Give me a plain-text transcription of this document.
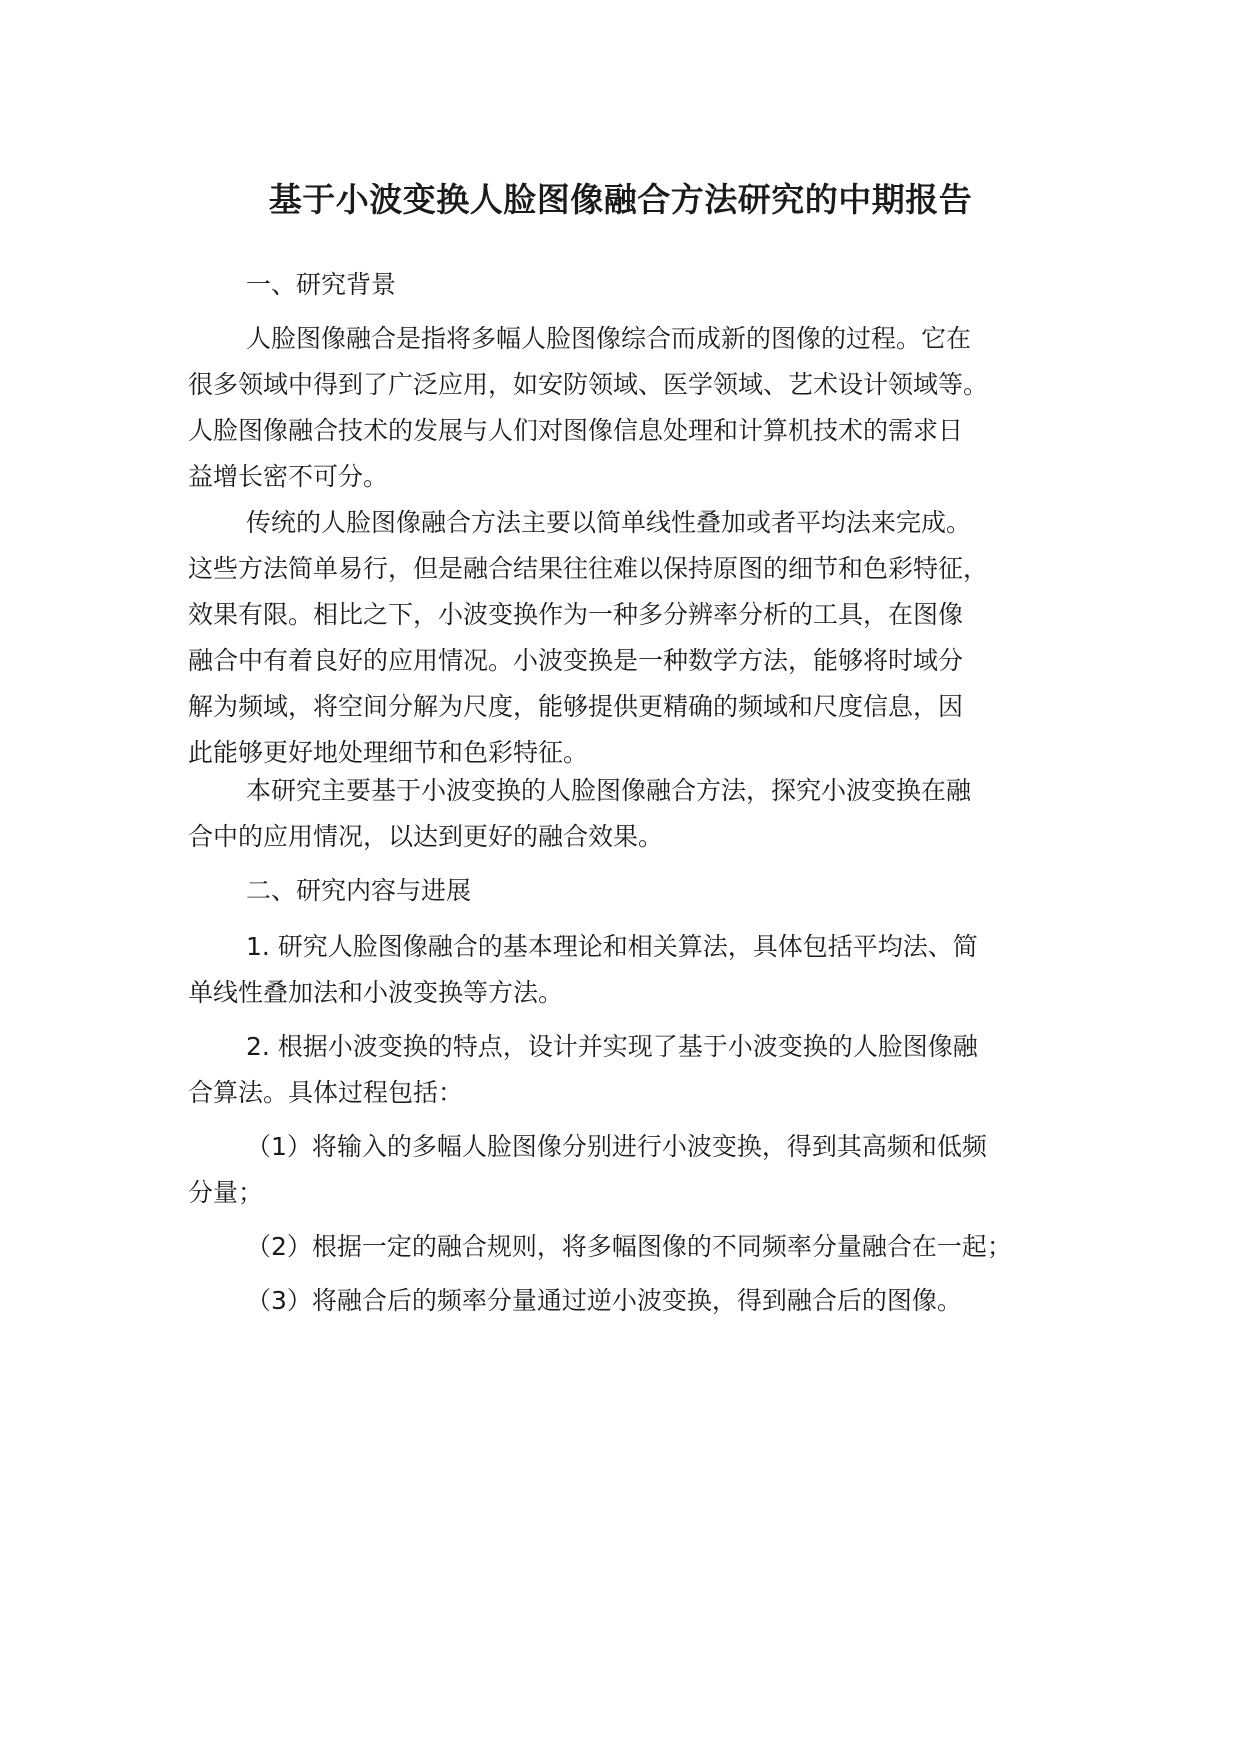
基于小波变换人脸图像融合方法研究的中期报告

一、研究背景

人脸图像融合是指将多幅人脸图像综合而成新的图像的过程。它在
很多领域中得到了广泛应用，如安防领域、医学领域、艺术设计领域等。
人脸图像融合技术的发展与人们对图像信息处理和计算机技术的需求日
益增长密不可分。

传统的人脸图像融合方法主要以简单线性叠加或者平均法来完成。
这些方法简单易行，但是融合结果往往难以保持原图的细节和色彩特征，
效果有限。相比之下，小波变换作为一种多分辨率分析的工具，在图像
融合中有着良好的应用情况。小波变换是一种数学方法，能够将时域分
解为频域，将空间分解为尺度，能够提供更精确的频域和尺度信息，因
此能够更好地处理细节和色彩特征。

本研究主要基于小波变换的人脸图像融合方法，探究小波变换在融
合中的应用情况，以达到更好的融合效果。

二、研究内容与进展

1. 研究人脸图像融合的基本理论和相关算法，具体包括平均法、简
单线性叠加法和小波变换等方法。

2. 根据小波变换的特点，设计并实现了基于小波变换的人脸图像融
合算法。具体过程包括：

（1）将输入的多幅人脸图像分别进行小波变换，得到其高频和低频
分量；

（2）根据一定的融合规则，将多幅图像的不同频率分量融合在一起；

（3）将融合后的频率分量通过逆小波变换，得到融合后的图像。
